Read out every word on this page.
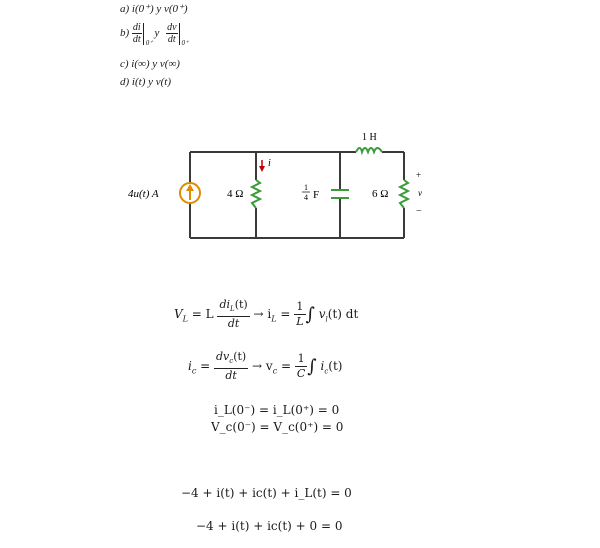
a) i(0⁺) y v(0⁺)
$b) \frac{di}{dt} 0^+$
y $\frac{dv}{dt} 0^+$
c) i(∞) y v(∞)
d) i(t) y v(t)
4u(t) A	4 Ω
i
1
4 F
1 H
6 Ω
+
v
−
$V_L = L \frac{di_L(t)}{dt} \to i_L = \frac{1}{L}$ ∫ $v_l(t)$ dt
$i_c = \frac{dv_c(t)}{dt} \to v_c = \frac{1}{C}$ ∫ $i_c(t)$
i_L(0⁻) = i_L(0⁺) = 0
V_c(0⁻) = V_c(0⁺) = 0
−4 + i(t) + ic(t) + i_L(t) = 0
−4 + i(t) + ic(t) + 0 = 0
